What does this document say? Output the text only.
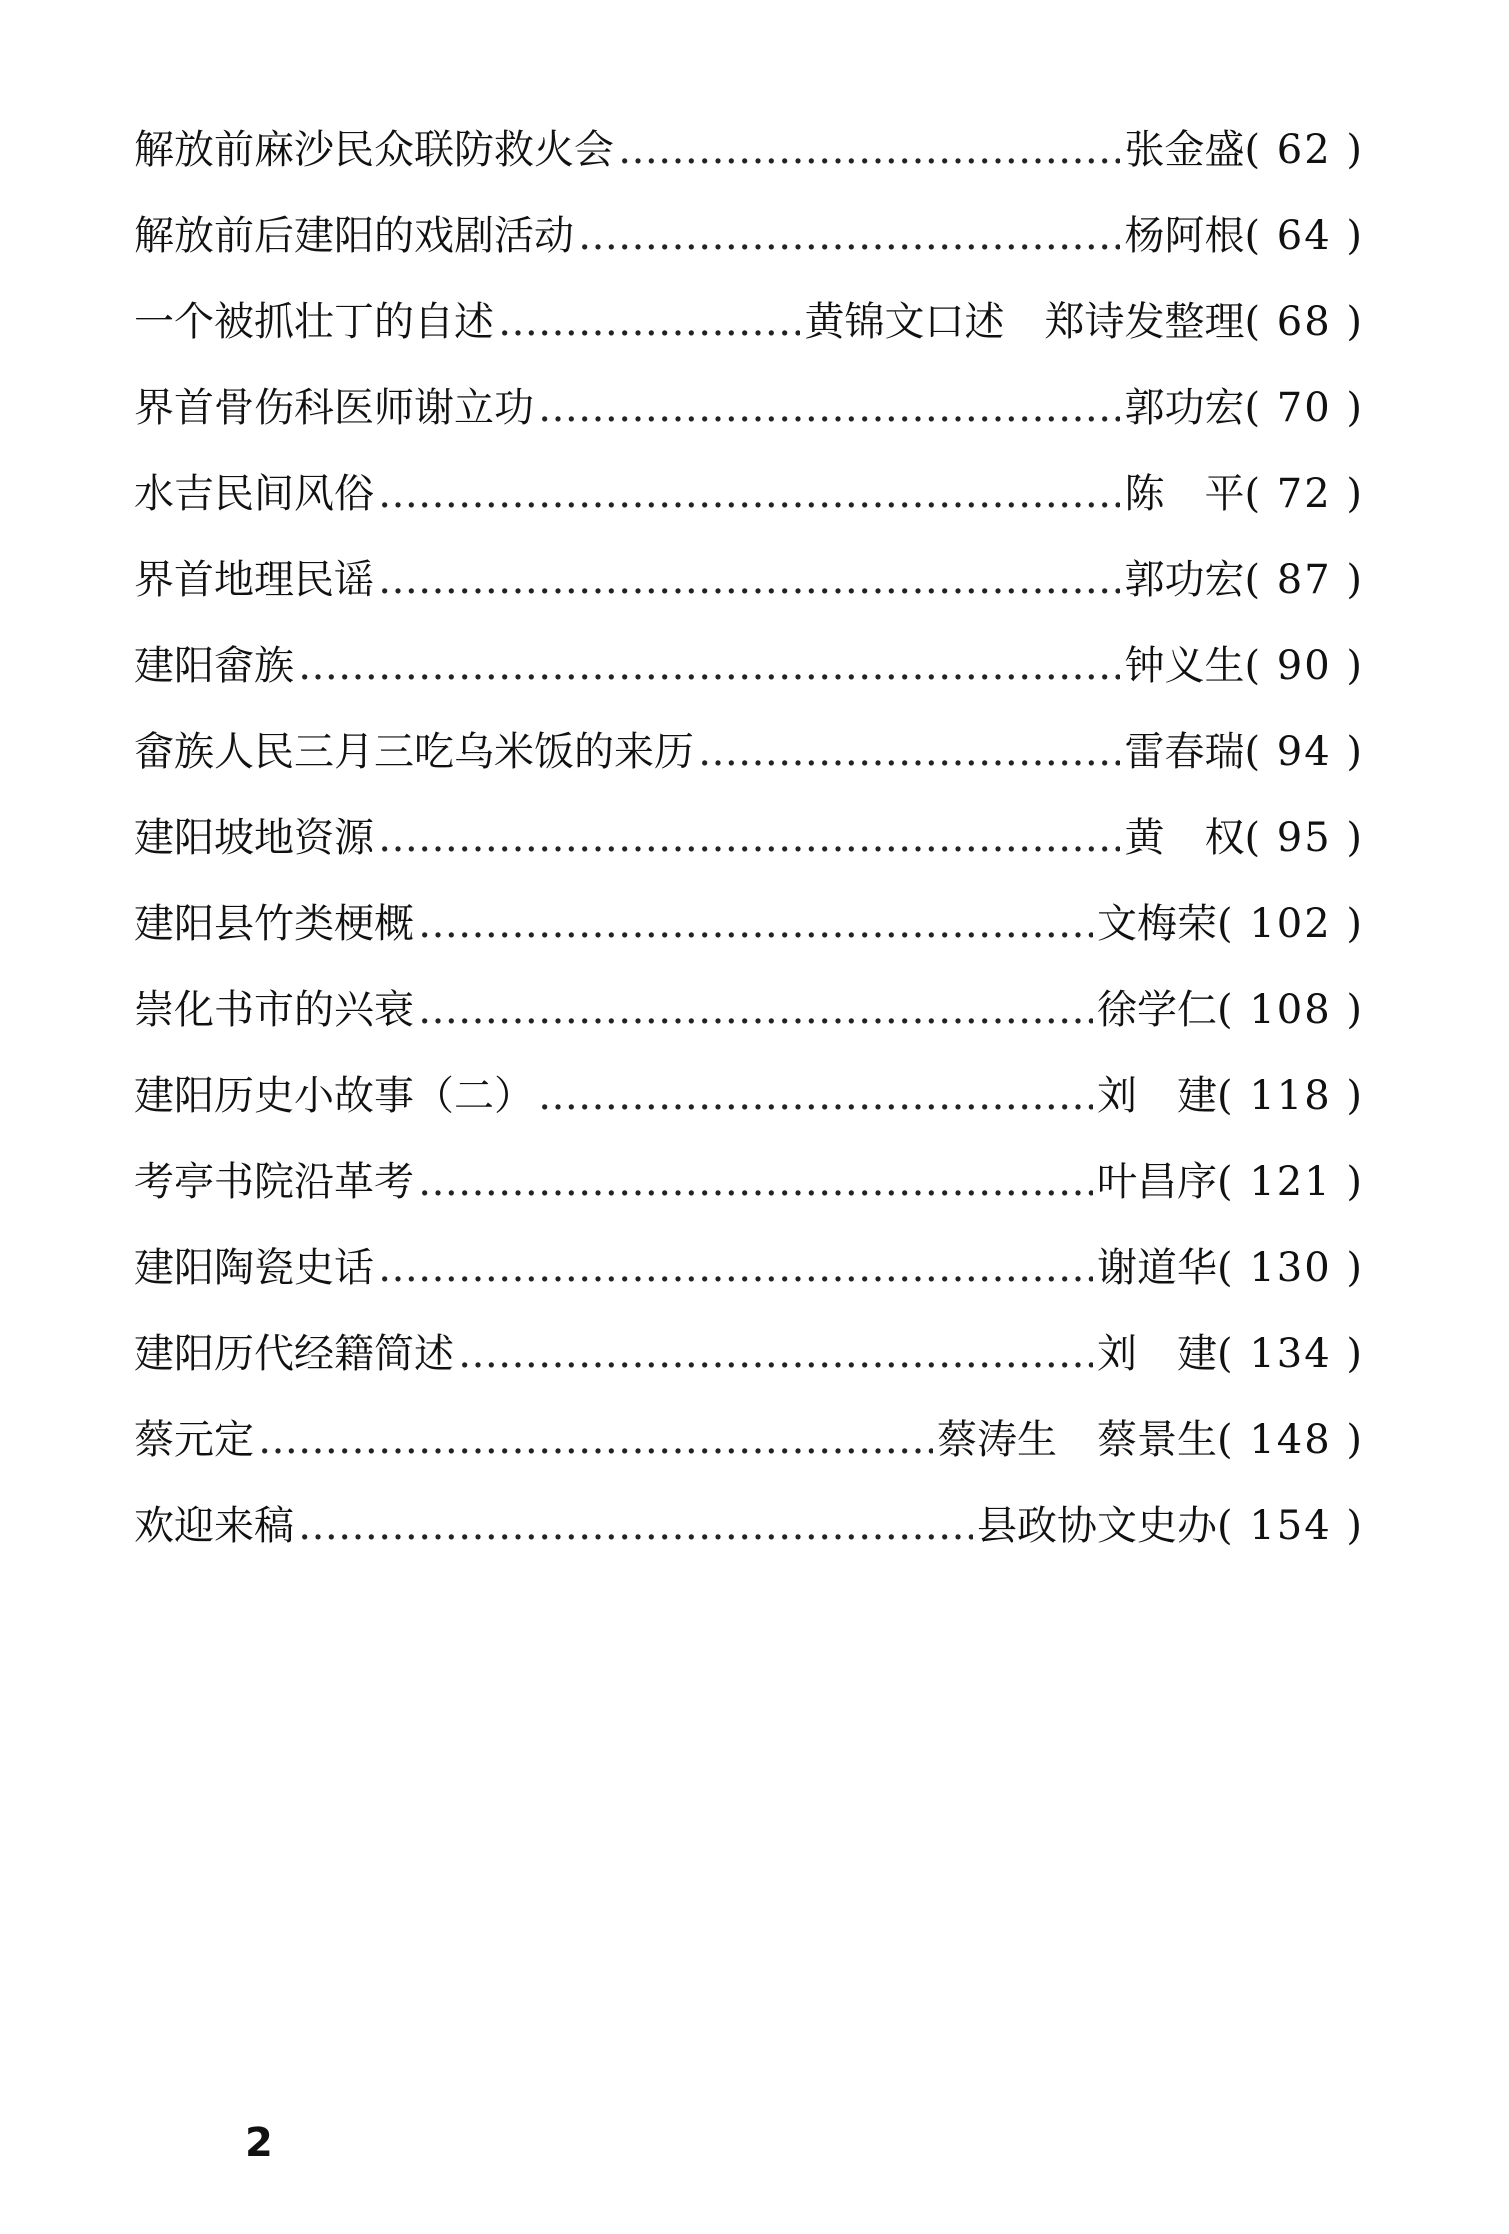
解放前麻沙民众联防救火会 …………………………………………………………………………………………………………………………	张金盛 ( 62 )
解放前后建阳的戏剧活动 …………………………………………………………………………………………………………………………	杨阿根 ( 64 )
一个被抓壮丁的自述 …………………………………………………………………………………………………………………………	黄锦文口述　郑诗发整理 ( 68 )
界首骨伤科医师谢立功 …………………………………………………………………………………………………………………………	郭功宏 ( 70 )
水吉民间风俗 …………………………………………………………………………………………………………………………	陈　平 ( 72 )
界首地理民谣 …………………………………………………………………………………………………………………………	郭功宏 ( 87 )
建阳畲族 …………………………………………………………………………………………………………………………	钟义生 ( 90 )
畲族人民三月三吃乌米饭的来历 …………………………………………………………………………………………………………………………	雷春瑞 ( 94 )
建阳坡地资源 …………………………………………………………………………………………………………………………	黄　权 ( 95 )
建阳县竹类梗概 …………………………………………………………………………………………………………………………	文梅荣 ( 102 )
崇化书市的兴衰 …………………………………………………………………………………………………………………………	徐学仁 ( 108 )
建阳历史小故事（二） …………………………………………………………………………………………………………………………	刘　建 ( 118 )
考亭书院沿革考 …………………………………………………………………………………………………………………………	叶昌序 ( 121 )
建阳陶瓷史话 …………………………………………………………………………………………………………………………	谢道华 ( 130 )
建阳历代经籍简述 …………………………………………………………………………………………………………………………	刘　建 ( 134 )
蔡元定 …………………………………………………………………………………………………………………………	蔡涛生　蔡景生 ( 148 )
欢迎来稿 …………………………………………………………………………………………………………………………	县政协文史办 ( 154 )
2
